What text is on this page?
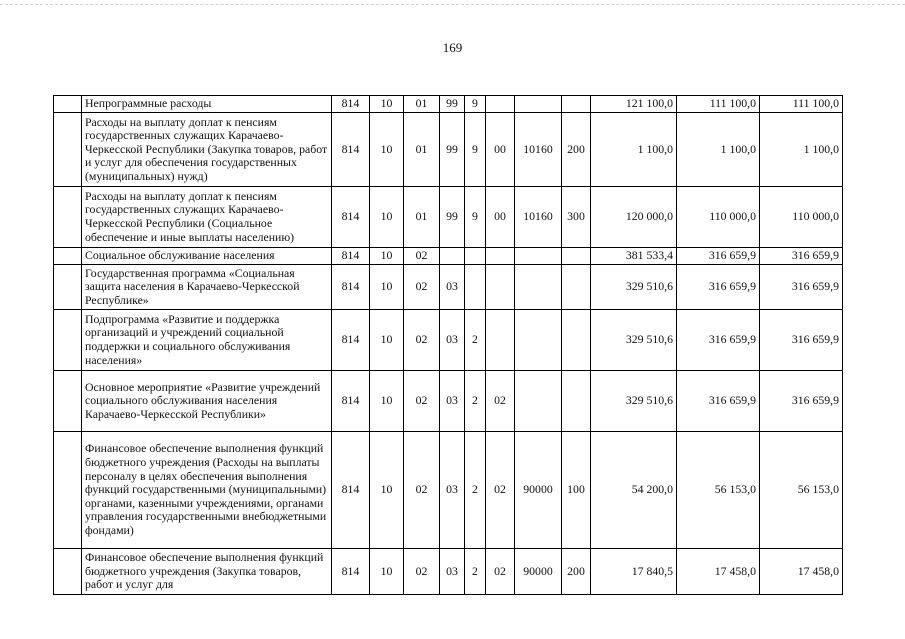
169
	Непрограммные расходы	814	10	01	99	9				121 100,0	111 100,0	111 100,0
	Расходы на выплату доплат к пенсиям государственных служащих Карачаево-Черкесской Республики (Закупка товаров, работ и услуг для обеспечения государственных (муниципальных) нужд)	814	10	01	99	9	00	10160	200	1 100,0	1 100,0	1 100,0
	Расходы на выплату доплат к пенсиям государственных служащих Карачаево-Черкесской Республики (Социальное обеспечение и иные выплаты населению)	814	10	01	99	9	00	10160	300	120 000,0	110 000,0	110 000,0
	Социальное обслуживание населения	814	10	02						381 533,4	316 659,9	316 659,9
	Государственная программа «Социальная защита населения в Карачаево-Черкесской Республике»	814	10	02	03					329 510,6	316 659,9	316 659,9
	Подпрограмма «Развитие и поддержка организаций и учреждений социальной поддержки и социального обслуживания населения»	814	10	02	03	2				329 510,6	316 659,9	316 659,9
	Основное мероприятие «Развитие учреждений социального обслуживания населения Карачаево-Черкесской Республики»	814	10	02	03	2	02			329 510,6	316 659,9	316 659,9
	Финансовое обеспечение выполнения функций бюджетного учреждения (Расходы на выплаты персоналу в целях обеспечения выполнения функций государственными (муниципальными) органами, казенными учреждениями, органами управления государственными внебюджетными фондами)	814	10	02	03	2	02	90000	100	54 200,0	56 153,0	56 153,0
	Финансовое обеспечение выполнения функций бюджетного учреждения (Закупка товаров, работ и услуг для	814	10	02	03	2	02	90000	200	17 840,5	17 458,0	17 458,0
